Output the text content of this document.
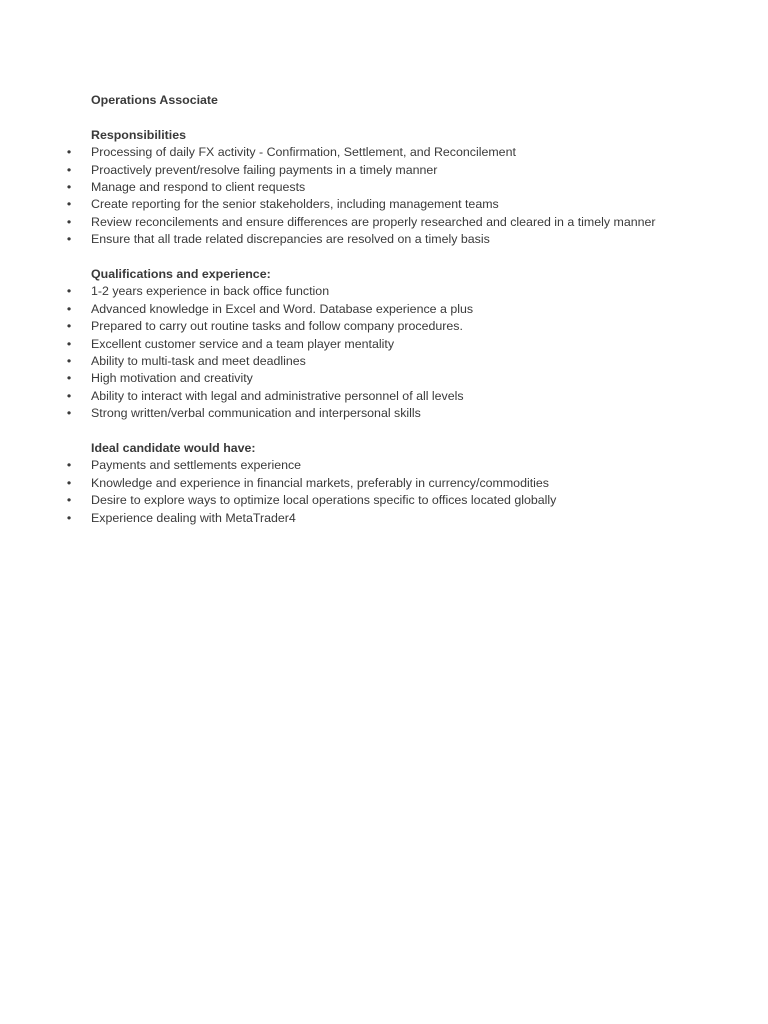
Operations Associate
Responsibilities
• Processing of daily FX activity - Confirmation, Settlement, and Reconcilement
• Proactively prevent/resolve failing payments in a timely manner
• Manage and respond to client requests
• Create reporting for the senior stakeholders, including management teams
• Review reconcilements and ensure differences are properly researched and cleared in a timely manner
• Ensure that all trade related discrepancies are resolved on a timely basis
Qualifications and experience:
• 1-2 years experience in back office function
• Advanced knowledge in Excel and Word. Database experience a plus
• Prepared to carry out routine tasks and follow company procedures.
• Excellent customer service and a team player mentality
• Ability to multi-task and meet deadlines
• High motivation and creativity
• Ability to interact with legal and administrative personnel of all levels
• Strong written/verbal communication and interpersonal skills
Ideal candidate would have:
• Payments and settlements experience
• Knowledge and experience in financial markets, preferably in currency/commodities
• Desire to explore ways to optimize local operations specific to offices located globally
• Experience dealing with MetaTrader4
